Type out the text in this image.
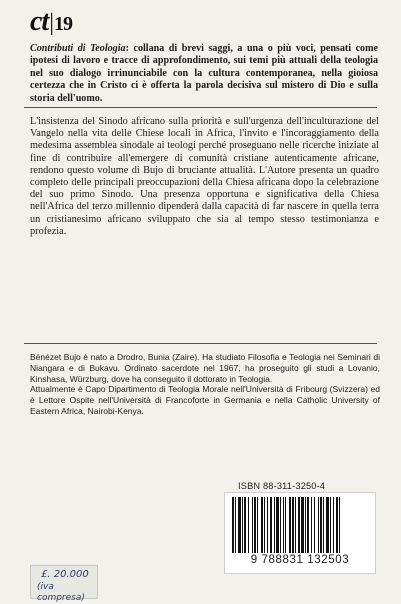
ct|19
Contributi di Teologia: collana di brevi saggi, a una o più voci, pensati come ipotesi di lavoro e tracce di approfondimento, sui temi più attuali della teologia nel suo dialogo irrinunciabile con la cultura contemporanea, nella gioiosa certezza che in Cristo ci è offerta la parola decisiva sul mistero di Dio e sulla storia dell'uomo.

L'insistenza del Sinodo africano sulla priorità e sull'urgenza dell'inculturazione del Vangelo nella vita delle Chiese locali in Africa, l'invito e l'incoraggiamento della medesima assemblea sinodale ai teologi perché proseguano nelle ricerche iniziate al fine di contribuire all'emergere di comunità cristiane autenticamente africane, rendono questo volume di Bujo di bruciante attualità. L'Autore presenta un quadro completo delle principali preoccupazioni della Chiesa africana dopo la celebrazione del suo primo Sinodo. Una presenza opportuna e significativa della Chiesa nell'Africa del terzo millennio dipenderà dalla capacità di far nascere in quella terra un cristianesimo africano sviluppato che sia al tempo stesso testimonianza e profezia.

Bénézet Bujo è nato a Drodro, Bunia (Zaire). Ha studiato Filosofia e Teologia nei Seminari di Niangara e di Bukavu. Ordinato sacerdote nel 1967, ha proseguito gli studi a Lovanio, Kinshasa, Würzburg, dove ha conseguito il dottorato in Teologia.

Attualmente è Capo Dipartimento di Teologia Morale nell'Università di Fribourg (Svizzera) ed è Lettore Ospite nell'Università di Francoforte in Germania e nella Catholic University of Eastern Africa, Nairobi-Kenya.

ISBN 88-311-3250-4
9 788831 132503
£. 20.000
(iva compresa)
